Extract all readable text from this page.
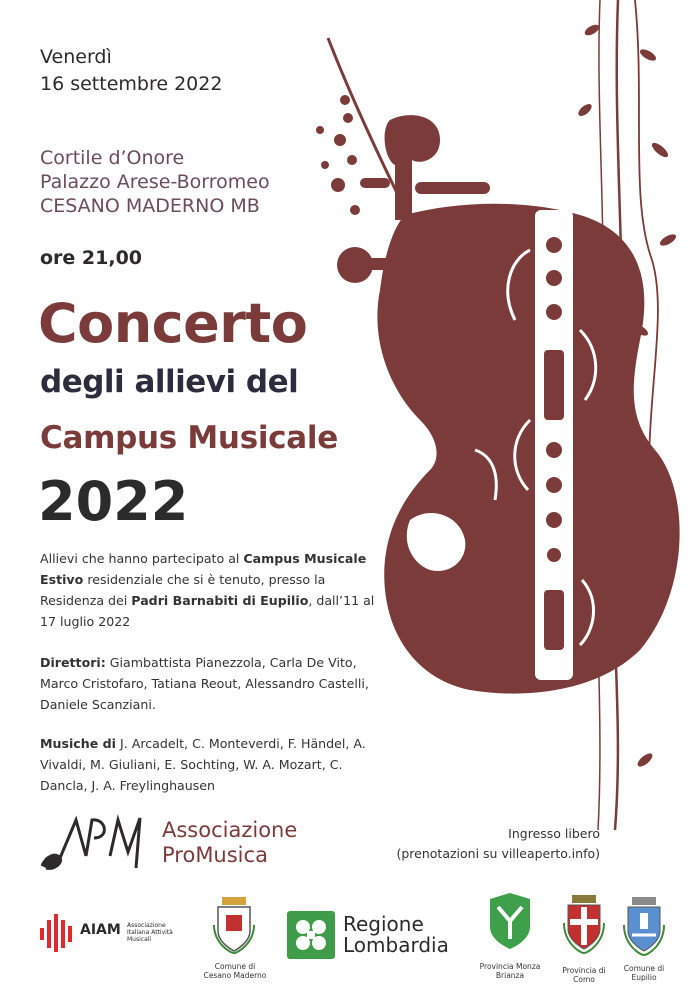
Venerdì
16 settembre 2022
Cortile d’Onore
Palazzo Arese-Borromeo
CESANO MADERNO MB
ore 21,00
Concerto
degli allievi del
Campus Musicale
2022
Allievi che hanno partecipato al Campus Musicale Estivo residenziale che si è tenuto, presso la Residenza dei Padri Barnabiti di Eupilio, dall’11 al 17 luglio 2022
Direttori: Giambattista Pianezzola, Carla De Vito, Marco Cristofaro, Tatiana Reout, Alessandro Castelli, Daniele Scanziani.
Musiche di J. Arcadelt, C. Monteverdi, F. Händel, A. Vivaldi, M. Giuliani, E. Sochting, W. A. Mozart, C. Dancla, J. A. Freylinghausen
Associazione
ProMusica
Ingresso libero
(prenotazioni su villeaperto.info)
AIAM Associazione Italiana Attività Musicali
Comune di Cesano Maderno
Regione
Lombardia
Provincia Monza Brianza
Provincia di Como
Comune di Eupilio
